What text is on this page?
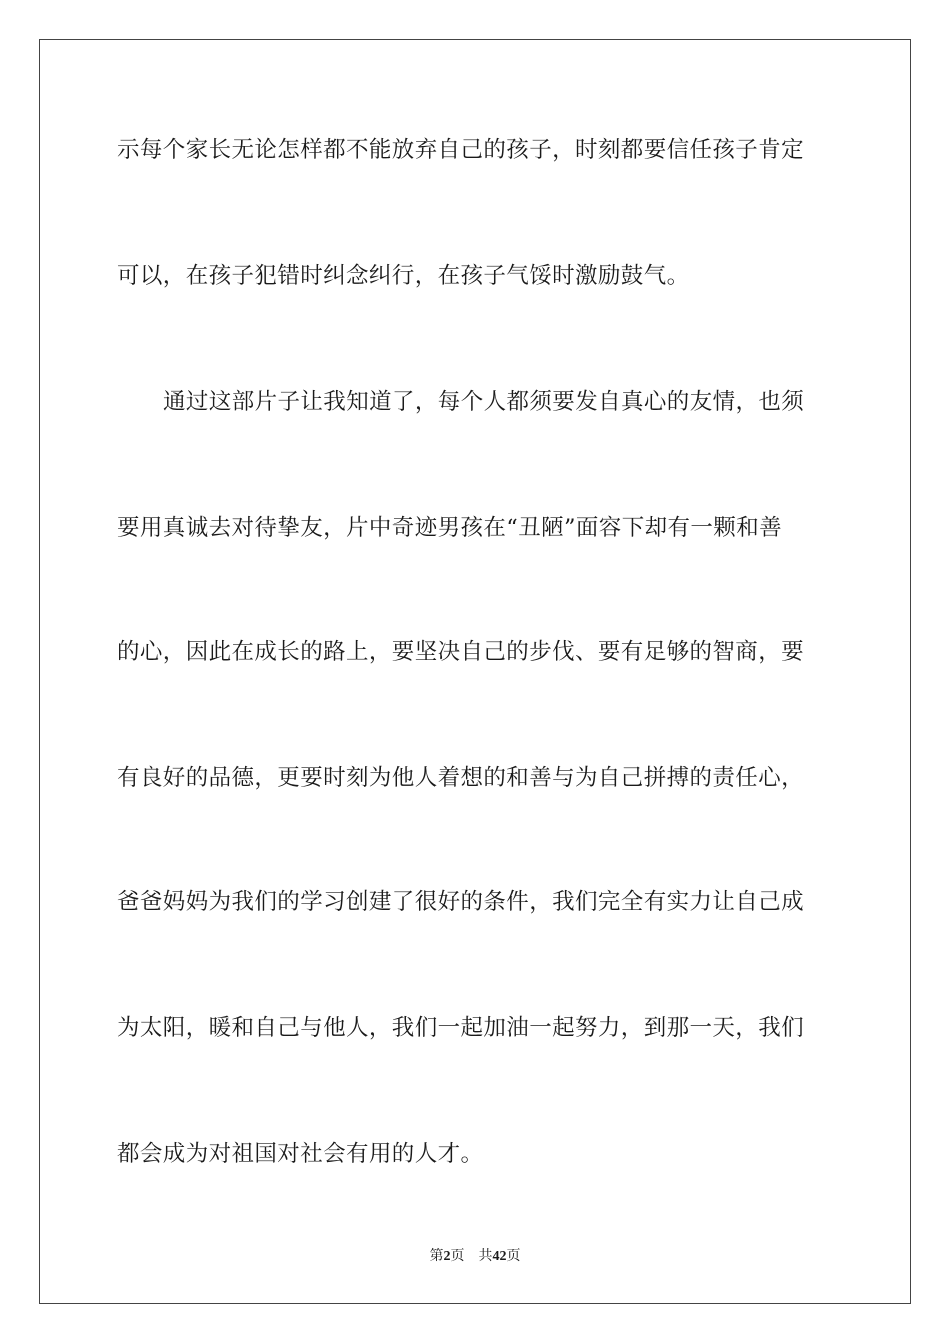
示每个家长无论怎样都不能放弃自己的孩子，时刻都要信任孩子肯定
可以，在孩子犯错时纠念纠行，在孩子气馁时激励鼓气。
通过这部片子让我知道了，每个人都须要发自真心的友情，也须
要用真诚去对待挚友，片中奇迹男孩在“丑陋”面容下却有一颗和善
的心，因此在成长的路上，要坚决自己的步伐、要有足够的智商，要
有良好的品德，更要时刻为他人着想的和善与为自己拼搏的责任心，
爸爸妈妈为我们的学习创建了很好的条件，我们完全有实力让自己成
为太阳，暖和自己与他人，我们一起加油一起努力，到那一天，我们
都会成为对祖国对社会有用的人才。
第2页 共42页
